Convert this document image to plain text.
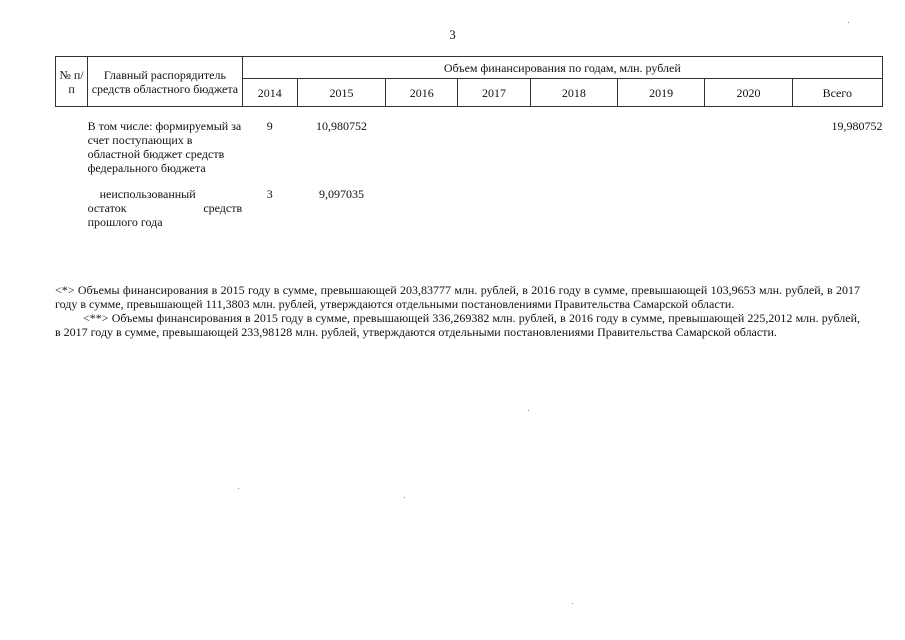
3
№ п/п	Главный распорядитель средств областного бюджета	Объем финансирования по годам, млн. рублей							
		2014	2015	2016	2017	2018	2019	2020	Всего

	В том числе: формируемый за счет поступающих в областной бюджет средств федерального бюджета	9	10,980752						19,980752

	неиспользованный
остаток средств
прошлого года	3	9,097035						

<*> Объемы финансирования в 2015 году в сумме, превышающей 203,83777 млн. рублей, в 2016 году в сумме, превышающей 103,9653 млн. рублей, в 2017 году в сумме, превышающей 111,3803 млн. рублей, утверждаются отдельными постановлениями Правительства Самарской области.

<**> Объемы финансирования в 2015 году в сумме, превышающей 336,269382 млн. рублей, в 2016 году в сумме, превышающей 225,2012 млн. рублей, в 2017 году в сумме, превышающей 233,98128 млн. рублей, утверждаются отдельными постановлениями Правительства Самарской области.
